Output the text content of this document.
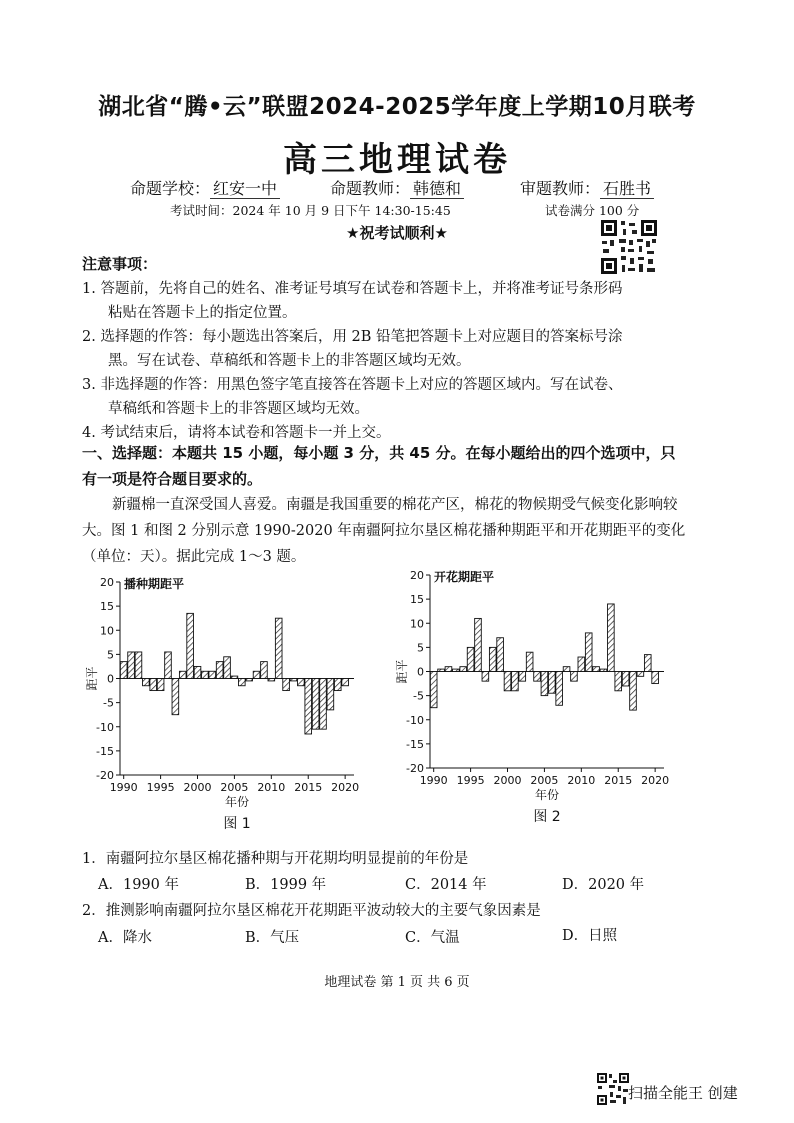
湖北省“腾•云”联盟2024-2025学年度上学期10月联考
高三地理试卷
命题学校： 红安一中	命题教师： 韩德和	审题教师： 石胜书
考试时间：2024 年 10 月 9 日下午 14:30-15:45	试卷满分 100 分
★祝考试顺利★
注意事项：
1. 答题前，先将自己的姓名、准考证号填写在试卷和答题卡上，并将准考证号条形码
粘贴在答题卡上的指定位置。
2. 选择题的作答：每小题选出答案后，用 2B 铅笔把答题卡上对应题目的答案标号涂
黑。写在试卷、草稿纸和答题卡上的非答题区域均无效。
3. 非选择题的作答：用黑色签字笔直接答在答题卡上对应的答题区域内。写在试卷、
草稿纸和答题卡上的非答题区域均无效。
4. 考试结束后，请将本试卷和答题卡一并上交。
一、选择题：本题共 15 小题，每小题 3 分，共 45 分。在每小题给出的四个选项中，只
有一项是符合题目要求的。
新疆棉一直深受国人喜爱。南疆是我国重要的棉花产区，棉花的物候期受气候变化影响较大。图 1 和图 2 分别示意 1990-2020 年南疆阿拉尔垦区棉花播种期距平和开花期距平的变化（单位：天）。据此完成 1～3 题。
20
15
10
5
0
-5
-10
-15
-20
1990 1995 2000 2005 2010 2015 2020
播种期距平
距平
年份
图 1
20
15
10
5
0
-5
-10
-15
-20
1990 1995 2000 2005 2010 2015 2020
开花期距平
距平
年份
图 2
1．南疆阿拉尔垦区棉花播种期与开花期均明显提前的年份是
A．1990 年	B．1999 年	C．2014 年	D．2020 年
2．推测影响南疆阿拉尔垦区棉花开花期距平波动较大的主要气象因素是
A．降水	B．气压	C．气温	D．日照
地理试卷 第 1 页 共 6 页
扫描全能王 创建
